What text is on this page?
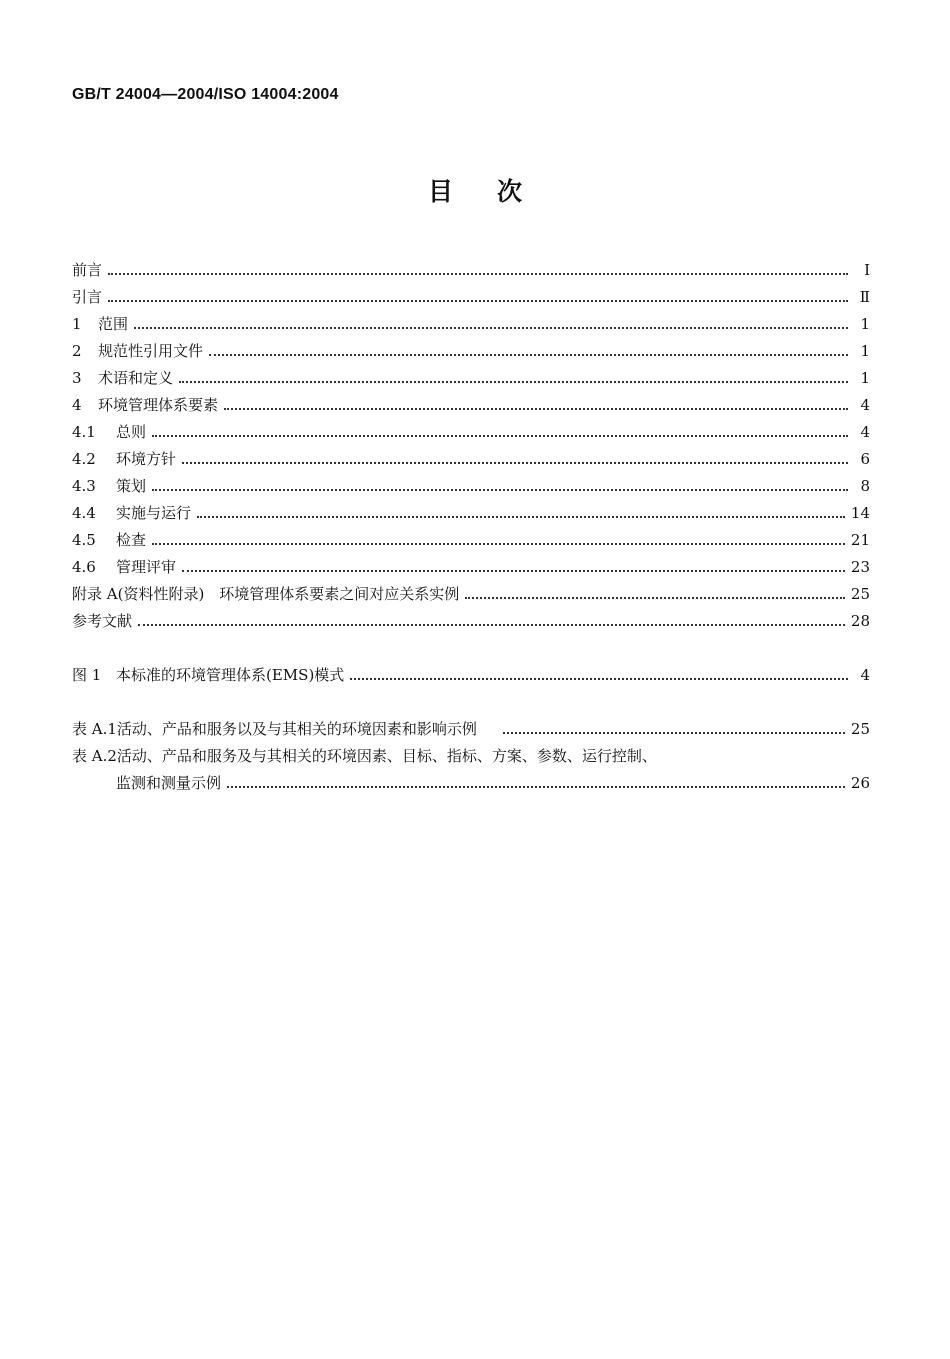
GB/T 24004—2004/ISO 14004:2004
目次
前言	Ⅰ
引言	Ⅱ
1	范围	1
2	规范性引用文件	1
3	术语和定义	1
4	环境管理体系要素	4
4.1	总则	4
4.2	环境方针	6
4.3	策划	8
4.4	实施与运行	14
4.5	检查	21
4.6	管理评审	23
附录 A(资料性附录)　环境管理体系要素之间对应关系实例	25
参考文献	28
图 1 本标准的环境管理体系(EMS)模式	4
表 A.1 活动、产品和服务以及与其相关的环境因素和影响示例	25
表 A.2活动、产品和服务及与其相关的环境因素、目标、指标、方案、参数、运行控制、
监测和测量示例	26
